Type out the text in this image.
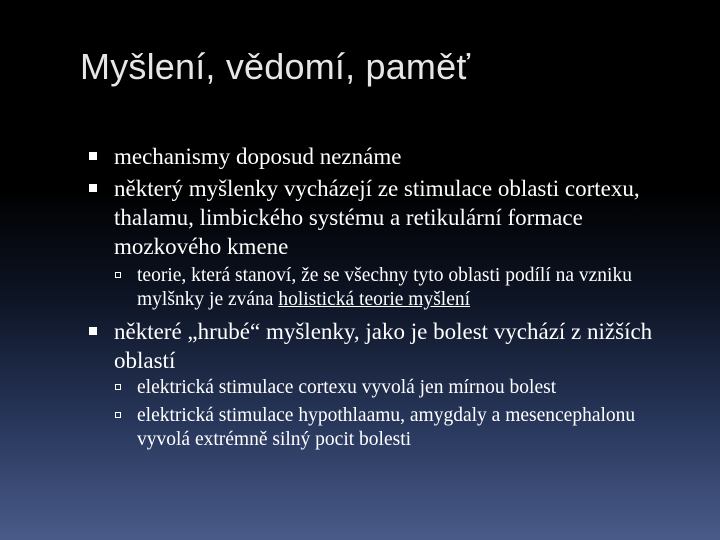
Myšlení, vědomí, paměť
mechanismy doposud neznáme
některý myšlenky vycházejí ze stimulace oblasti cortexu, thalamu, limbického systému a retikulární formace mozkového kmene
teorie, která stanoví, že se všechny tyto oblasti podílí na vzniku mylšnky je zvána holistická teorie myšlení
některé „hrubé“ myšlenky, jako je bolest vychází z nižších oblastí
elektrická stimulace cortexu vyvolá jen mírnou bolest
elektrická stimulace hypothlaamu, amygdaly a mesencephalonu vyvolá extrémně silný pocit bolesti
